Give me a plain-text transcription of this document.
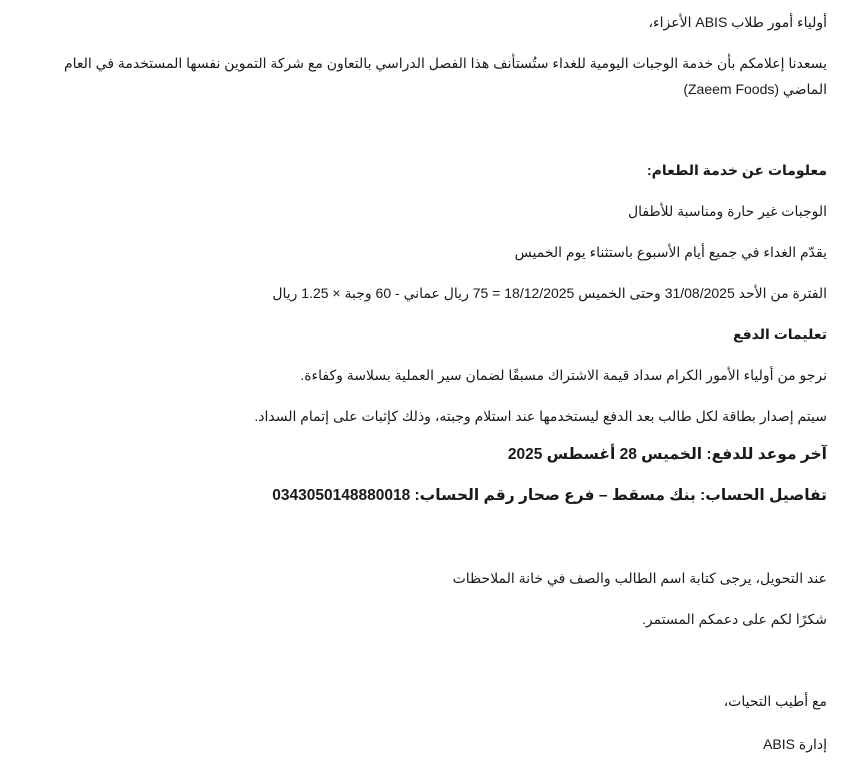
أولياء أمور طلاب ABIS الأعزاء،

يسعدنا إعلامكم بأن خدمة الوجبات اليومية للغداء ستُستأنف هذا الفصل الدراسي بالتعاون مع شركة التموين نفسها المستخدمة في العام الماضي (Zaeem Foods)

معلومات عن خدمة الطعام:

الوجبات غير حارة ومناسبة للأطفال

يقدّم الغداء في جميع أيام الأسبوع باستثناء يوم الخميس

الفترة من الأحد 31/08/2025 وحتى الخميس 18/12/2025 = 75 ريال عماني - 60 وجبة × 1.25 ريال

تعليمات الدفع

نرجو من أولياء الأمور الكرام سداد قيمة الاشتراك مسبقًا لضمان سير العملية بسلاسة وكفاءة.

سيتم إصدار بطاقة لكل طالب بعد الدفع ليستخدمها عند استلام وجبته، وذلك كإثبات على إتمام السداد.

آخر موعد للدفع: الخميس 28 أغسطس 2025

تفاصيل الحساب: بنك مسقط – فرع صحار رقم الحساب: 0343050148880018

عند التحويل، يرجى كتابة اسم الطالب والصف في خانة الملاحظات

شكرًا لكم على دعمكم المستمر.

مع أطيب التحيات،

إدارة ABIS
